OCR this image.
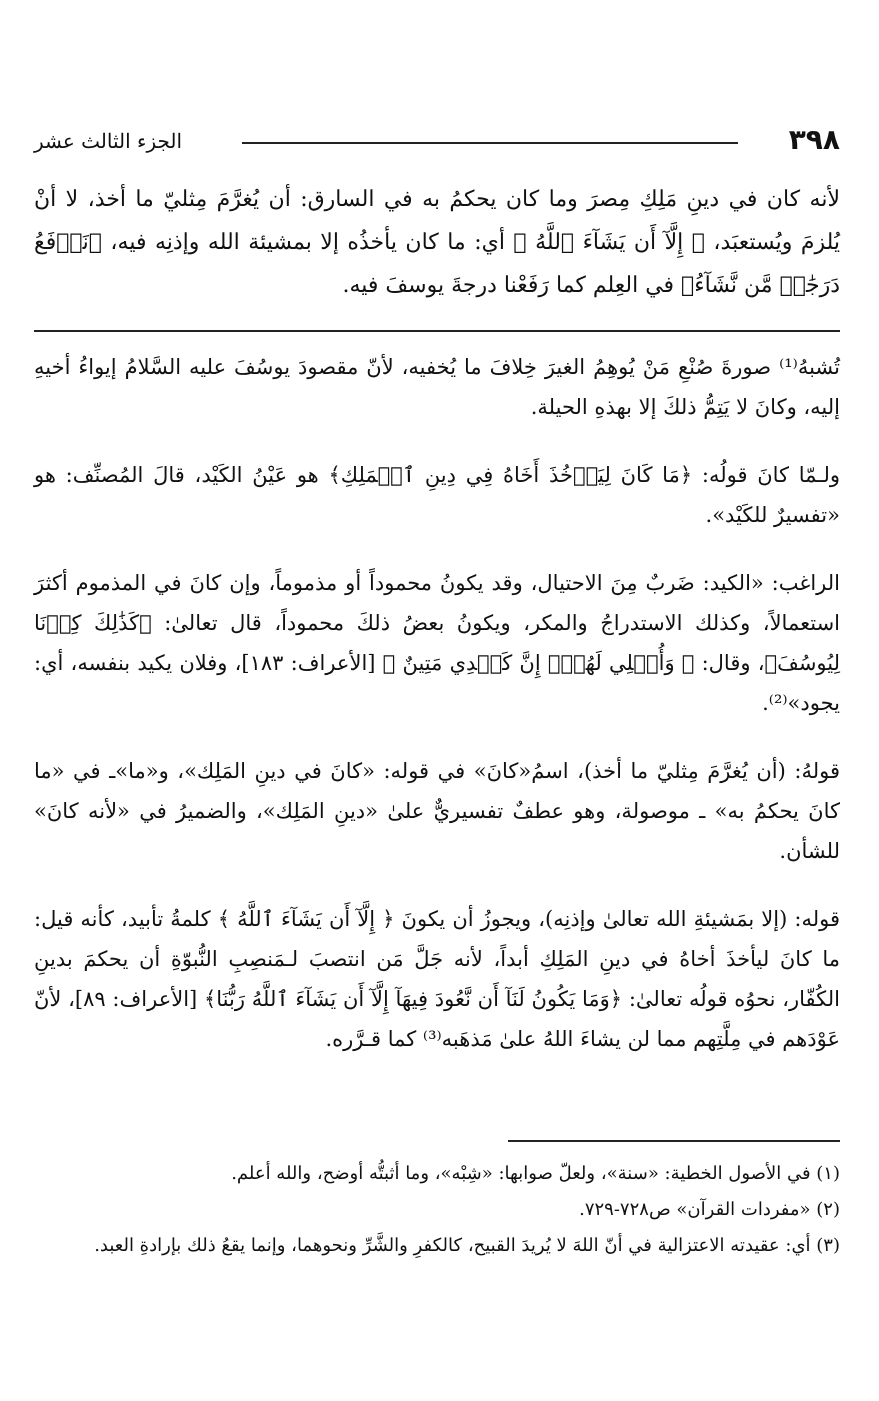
٣٩٨
الجزء الثالث عشر
لأنه كان في دينِ مَلِكِ مِصرَ وما كان يحكمُ به في السارق: أن يُغرَّمَ مِثليّ ما أخذ، لا أنْ يُلزمَ ويُستعبَد، ﴿ إِلَّآ أَن يَشَآءَ ٱللَّهُ ﴾ أي: ما كان يأخذُه إلا بمشيئة الله وإذنِه فيه، ﴿نَرۡفَعُ دَرَجَٰتٖ مَّن نَّشَآءُ﴾ في العِلم كما رَفَعْنا درجةَ يوسفَ فيه.

تُشبهُ⁽¹⁾ صورةَ صُنْعِ مَنْ يُوهِمُ الغيرَ خِلافَ ما يُخفيه، لأنّ مقصودَ يوسُفَ عليه السَّلامُ إيواءُ أخيهِ إليه، وكانَ لا يَتِمُّ ذلكَ إلا بهذهِ الحيلة.

ولـمّا كانَ قولُه: ﴿مَا كَانَ لِيَأۡخُذَ أَخَاهُ فِي دِينِ ٱلۡمَلِكِ﴾ هو عَيْنُ الكَيْد، قالَ المُصنِّف: هو «تفسيرٌ للكَيْد».

الراغب: «الكيد: ضَربٌ مِنَ الاحتيال، وقد يكونُ محموداً أو مذموماً، وإن كانَ في المذموم أكثرَ استعمالاً، وكذلك الاستدراجُ والمكر، ويكونُ بعضُ ذلكَ محموداً، قال تعالىٰ: ﴿كَذَٰلِكَ كِدۡنَا لِيُوسُفَ﴾، وقال: ﴿ وَأُمۡلِي لَهُمۡۚ إِنَّ كَيۡدِي مَتِينٌ ﴾ [الأعراف: ١٨٣]، وفلان يكيد بنفسه، أي: يجود»⁽²⁾.

قولهُ: (أن يُغرَّمَ مِثليّ ما أخذ)، اسمُ«كانَ» في قوله: «كانَ في دينِ المَلِك»، و«ما»ـ في «ما كانَ يحكمُ به» ـ موصولة، وهو عطفٌ تفسيريٌّ علىٰ «دينِ المَلِك»، والضميرُ في «لأنه كانَ» للشأن.

قوله: (إلا بمَشيئةِ الله تعالىٰ وإذنِه)، ويجوزُ أن يكونَ ﴿ إِلَّآ أَن يَشَآءَ ٱللَّهُ ﴾ كلمةُ تأبيد، كأنه قيل: ما كانَ ليأخذَ أخاهُ في دينِ المَلِكِ أبداً، لأنه جَلَّ مَن انتصبَ لـمَنصِبِ النُّبوّةِ أن يحكمَ بدينِ الكُفّار، نحوُه قولُه تعالىٰ: ﴿وَمَا يَكُونُ لَنَآ أَن نَّعُودَ فِيهَآ إِلَّآ أَن يَشَآءَ ٱللَّهُ رَبُّنَا﴾ [الأعراف: ٨٩]، لأنّ عَوْدَهم في مِلَّتِهم مما لن يشاءَ اللهُ علىٰ مَذهَبه⁽³⁾ كما قـرَّره.

(١) في الأصول الخطية: «سنة»، ولعلّ صوابها: «شِبْه»، وما أثبتُّه أوضح، والله أعلم.
(٢) «مفردات القرآن» ص٧٢٨-٧٢٩.
(٣) أي: عقيدته الاعتزالية في أنّ اللهَ لا يُريدَ القبيح، كالكفرِ والشَّرِّ ونحوهما، وإنما يقعُ ذلك بإرادةِ العبد.
